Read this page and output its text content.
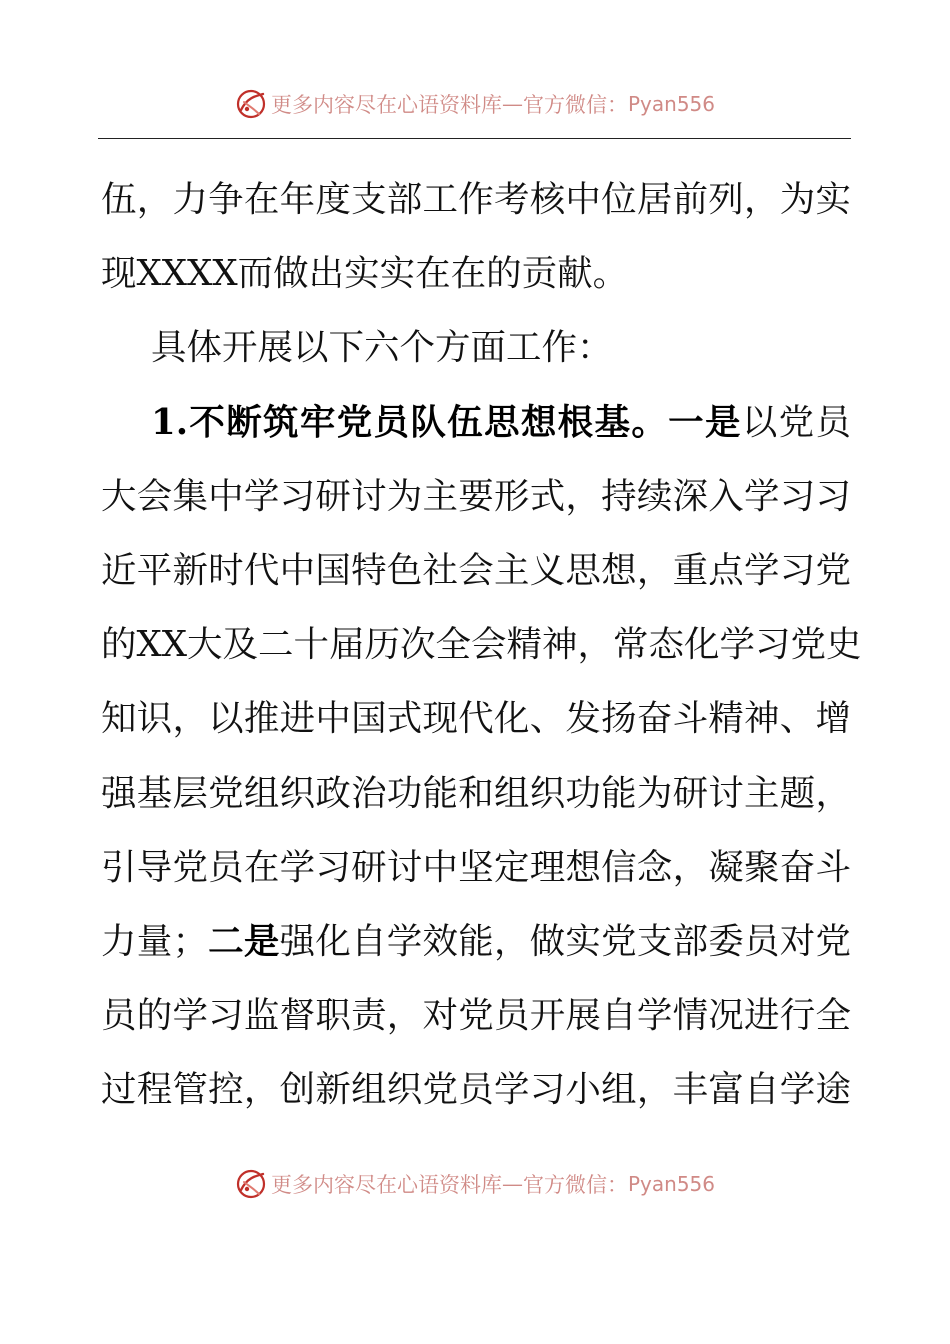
更多内容尽在心语资料库 — 官方微信： Pyan556
伍，力争在年度支部工作考核中位居前列，为实
现XXXX而做出实实在在的贡献。
具体开展以下六个方面工作：
1.不断筑牢党员队伍思想根基。一是以党员
大会集中学习研讨为主要形式，持续深入学习习
近平新时代中国特色社会主义思想，重点学习党
的XX大及二十届历次全会精神，常态化学习党史
知识，以推进中国式现代化、发扬奋斗精神、增
强基层党组织政治功能和组织功能为研讨主题，
引导党员在学习研讨中坚定理想信念，凝聚奋斗
力量；二是强化自学效能，做实党支部委员对党
员的学习监督职责，对党员开展自学情况进行全
过程管控，创新组织党员学习小组，丰富自学途
更多内容尽在心语资料库 — 官方微信： Pyan556
